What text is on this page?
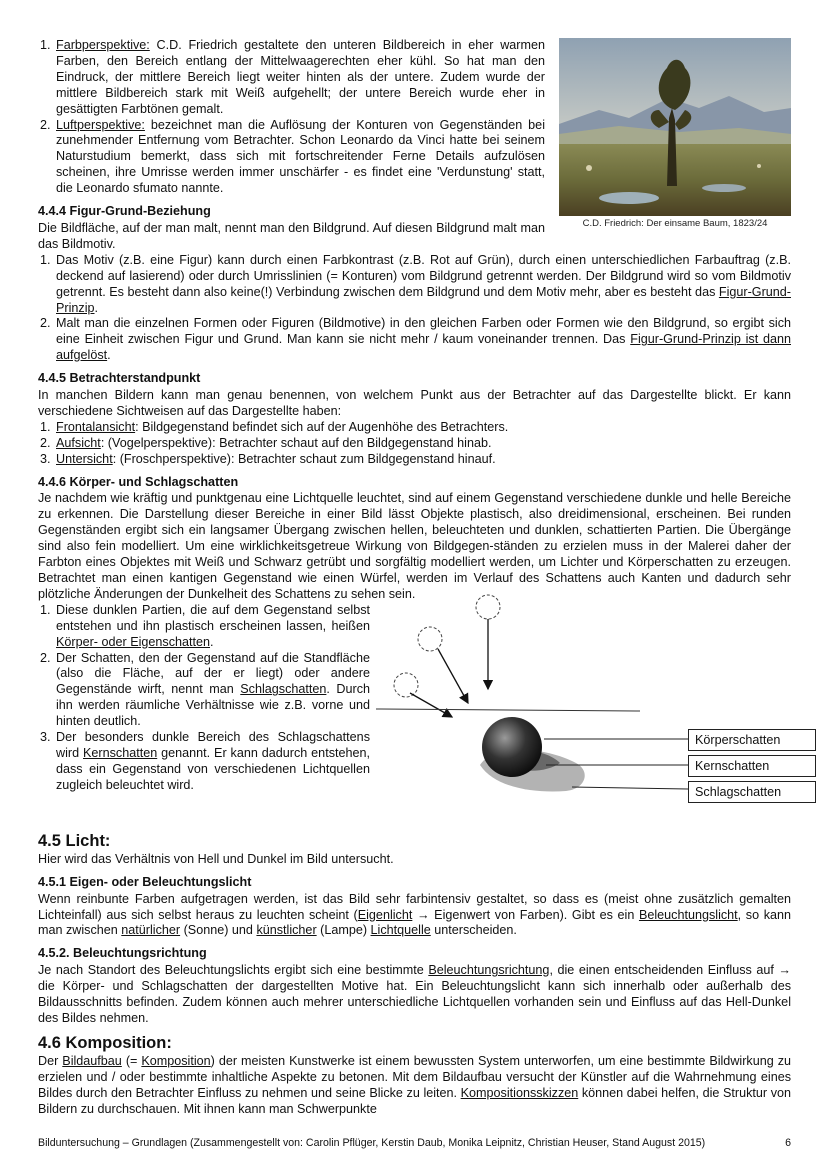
C.D. Friedrich: Der einsame Baum, 1823/24
1. Farbperspektive: C.D. Friedrich gestaltete den unteren Bildbereich in eher warmen Farben, den Bereich entlang der Mittelwaagerechten eher kühl. So hat man den Eindruck, der mittlere Bereich liegt weiter hinten als der untere. Zudem wurde der mittlere Bildbereich stark mit Weiß aufgehellt; der untere Bereich wurde eher in gesättigten Farbtönen gemalt.
2. Luftperspektive: bezeichnet man die Auflösung der Konturen von Gegenständen bei zunehmender Entfernung vom Betrachter. Schon Leonardo da Vinci hatte bei seinem Naturstudium bemerkt, dass sich mit fortschreitender Ferne Details aufzulösen scheinen, ihre Umrisse werden immer unschärfer - es findet eine 'Verdunstung' statt, die Leonardo sfumato nannte.
4.4.4 Figur-Grund-Beziehung

Die Bildfläche, auf der man malt, nennt man den Bildgrund. Auf diesen Bildgrund malt man das Bildmotiv.

1. Das Motiv (z.B. eine Figur) kann durch einen Farbkontrast (z.B. Rot auf Grün), durch einen unterschiedlichen Farbauftrag (z.B. deckend auf lasierend) oder durch Umrisslinien (= Konturen) vom Bildgrund getrennt werden. Der Bildgrund wird so vom Bildmotiv getrennt. Es besteht dann also keine(!) Verbindung zwischen dem Bildgrund und dem Motiv mehr, aber es besteht das Figur-Grund-Prinzip.
2. Malt man die einzelnen Formen oder Figuren (Bildmotive) in den gleichen Farben oder Formen wie den Bildgrund, so ergibt sich eine Einheit zwischen Figur und Grund. Man kann sie nicht mehr / kaum voneinander trennen. Das Figur-Grund-Prinzip ist dann aufgelöst.
4.4.5 Betrachterstandpunkt

In manchen Bildern kann man genau benennen, von welchem Punkt aus der Betrachter auf das Dargestellte blickt. Er kann verschiedene Sichtweisen auf das Dargestellte haben:

1. Frontalansicht: Bildgegenstand befindet sich auf der Augenhöhe des Betrachters.
2. Aufsicht: (Vogelperspektive): Betrachter schaut auf den Bildgegenstand hinab.
3. Untersicht: (Froschperspektive): Betrachter schaut zum Bildgegenstand hinauf.
4.4.6 Körper- und Schlagschatten

Je nachdem wie kräftig und punktgenau eine Lichtquelle leuchtet, sind auf einem Gegenstand verschiedene dunkle und helle Bereiche zu erkennen. Die Darstellung dieser Bereiche in einer Bild lässt Objekte plastisch, also dreidimensional, erscheinen. Bei runden Gegenständen ergibt sich ein langsamer Übergang zwischen hellen, beleuchteten und dunklen, schattierten Partien. Die Übergänge sind also fein modelliert. Um eine wirklichkeitsgetreue Wirkung von Bildgegen-ständen zu erzielen muss in der Malerei daher der Farbton eines Objektes mit Weiß und Schwarz getrübt und sorgfältig modelliert werden, um Lichter und Körperschatten zu erzeugen. Betrachtet man einen kantigen Gegenstand wie einen Würfel, werden im Verlauf des Schattens auch Kanten und dadurch sehr plötzliche Änderungen der Dunkelheit des Schattens zu sehen sein.

1. Diese dunklen Partien, die auf dem Gegenstand selbst entstehen und ihn plastisch erscheinen lassen, heißen Körper- oder Eigenschatten.
2. Der Schatten, den der Gegenstand auf die Standfläche (also die Fläche, auf der er liegt) oder andere Gegenstände wirft, nennt man Schlagschatten. Durch ihn werden räumliche Verhältnisse wie z.B. vorne und hinten deutlich.
3. Der besonders dunkle Bereich des Schlagschattens wird Kernschatten genannt. Er kann dadurch entstehen, dass ein Gegenstand von verschiedenen Lichtquellen zugleich beleuchtet wird.
Körperschatten
Kernschatten
Schlagschatten
4.5 Licht:

Hier wird das Verhältnis von Hell und Dunkel im Bild untersucht.

4.5.1 Eigen- oder Beleuchtungslicht

Wenn reinbunte Farben aufgetragen werden, ist das Bild sehr farbintensiv gestaltet, so dass es (meist ohne zusätzlich gemalten Lichteinfall) aus sich selbst heraus zu leuchten scheint (Eigenlicht → Eigenwert von Farben). Gibt es ein Beleuchtungslicht, so kann man zwischen natürlicher (Sonne) und künstlicher (Lampe) Lichtquelle unterscheiden.

4.5.2. Beleuchtungsrichtung

Je nach Standort des Beleuchtungslichts ergibt sich eine bestimmte Beleuchtungsrichtung, die einen entscheidenden Einfluss auf → die Körper- und Schlagschatten der dargestellten Motive hat. Ein Beleuchtungslicht kann sich innerhalb oder außerhalb des Bildausschnitts befinden. Zudem können auch mehrer unterschiedliche Lichtquellen vorhanden sein und Einfluss auf das Hell-Dunkel des Bildes nehmen.

4.6 Komposition:

Der Bildaufbau (= Komposition) der meisten Kunstwerke ist einem bewussten System unterworfen, um eine bestimmte Bildwirkung zu erzielen und / oder bestimmte inhaltliche Aspekte zu betonen. Mit dem Bildaufbau versucht der Künstler auf die Wahrnehmung eines Bildes durch den Betrachter Einfluss zu nehmen und seine Blicke zu leiten. Kompositionsskizzen können dabei helfen, die Struktur von Bildern zu durchschauen. Mit ihnen kann man Schwerpunkte

Bilduntersuchung – Grundlagen (Zusammengestellt von: Carolin Pflüger, Kerstin Daub, Monika Leipnitz, Christian Heuser, Stand August 2015)	6
